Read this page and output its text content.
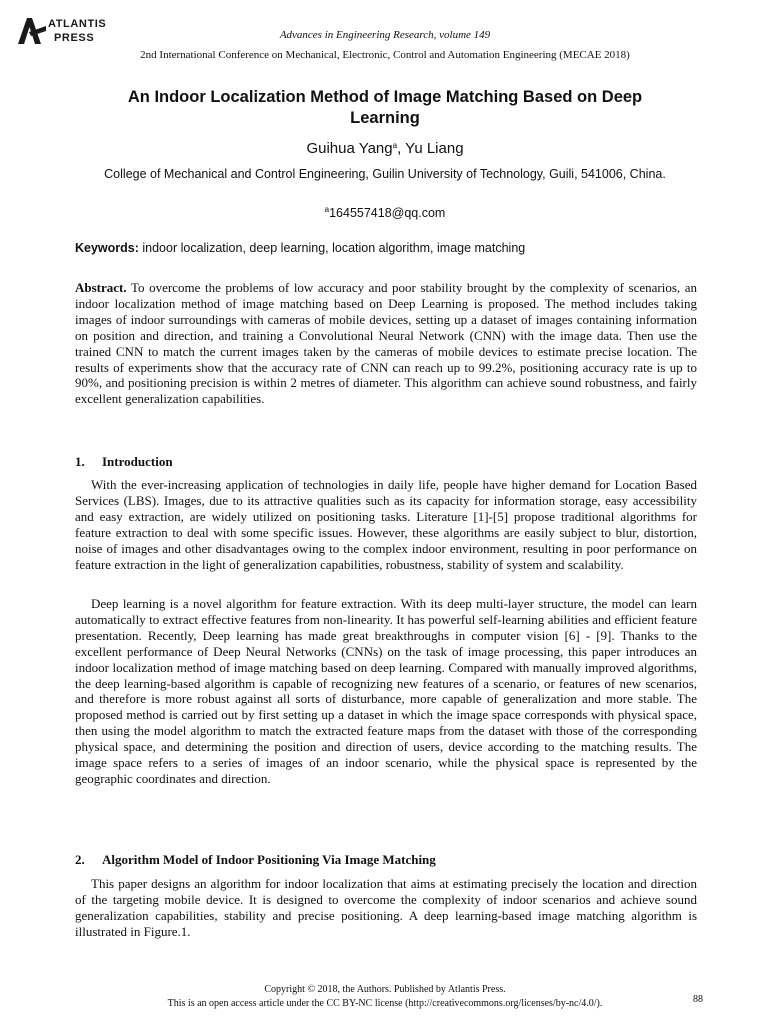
ATLANTIS
PRESS	Advances in Engineering Research, volume 149
2nd International Conference on Mechanical, Electronic, Control and Automation Engineering (MECAE 2018)
An Indoor Localization Method of Image Matching Based on Deep Learning
Guihua Yang$^a$, Yu Liang
College of Mechanical and Control Engineering, Guilin University of Technology, Guili, 541006, China.
$^a$164557418@qq.com
Keywords: indoor localization, deep learning, location algorithm, image matching

Abstract. To overcome the problems of low accuracy and poor stability brought by the complexity of scenarios, an indoor localization method of image matching based on Deep Learning is proposed. The method includes taking images of indoor surroundings with cameras of mobile devices, setting up a dataset of images containing information on position and direction, and training a Convolutional Neural Network (CNN) with the image data. Then use the trained CNN to match the current images taken by the cameras of mobile devices to estimate precise location. The results of experiments show that the accuracy rate of CNN can reach up to 99.2%, positioning accuracy rate is up to 90%, and positioning precision is within 2 metres of diameter. This algorithm can achieve sound robustness, and fairly excellent generalization capabilities.

1. Introduction

With the ever-increasing application of technologies in daily life, people have higher demand for Location Based Services (LBS). Images, due to its attractive qualities such as its capacity for information storage, easy accessibility and easy extraction, are widely utilized on positioning tasks. Literature [1]-[5] propose traditional algorithms for feature extraction to deal with some specific issues. However, these algorithms are easily subject to blur, distortion, noise of images and other disadvantages owing to the complex indoor environment, resulting in poor performance on feature extraction in the light of generalization capabilities, robustness, stability of system and scalability.

Deep learning is a novel algorithm for feature extraction. With its deep multi-layer structure, the model can learn automatically to extract effective features from non-linearity. It has powerful self-learning abilities and efficient feature presentation. Recently, Deep learning has made great breakthroughs in computer vision [6] - [9]. Thanks to the excellent performance of Deep Neural Networks (CNNs) on the task of image processing, this paper introduces an indoor localization method of image matching based on deep learning. Compared with manually improved algorithms, the deep learning-based algorithm is capable of recognizing new features of a scenario, or features of new scenarios, and therefore is more robust against all sorts of disturbance, more capable of generalization and more stable. The proposed method is carried out by first setting up a dataset in which the image space corresponds with physical space, then using the model algorithm to match the extracted feature maps from the dataset with those of the corresponding physical space, and determining the position and direction of users, device according to the matching results. The image space refers to a series of images of an indoor scenario, while the physical space is represented by the geographic coordinates and direction.

2. Algorithm Model of Indoor Positioning Via Image Matching

This paper designs an algorithm for indoor localization that aims at estimating precisely the location and direction of the targeting mobile device. It is designed to overcome the complexity of indoor scenarios and achieve sound generalization capabilities, stability and precise positioning. A deep learning-based image matching algorithm is illustrated in Figure.1.

Copyright © 2018, the Authors. Published by Atlantis Press.
This is an open access article under the CC BY-NC license (http://creativecommons.org/licenses/by-nc/4.0/).	88
